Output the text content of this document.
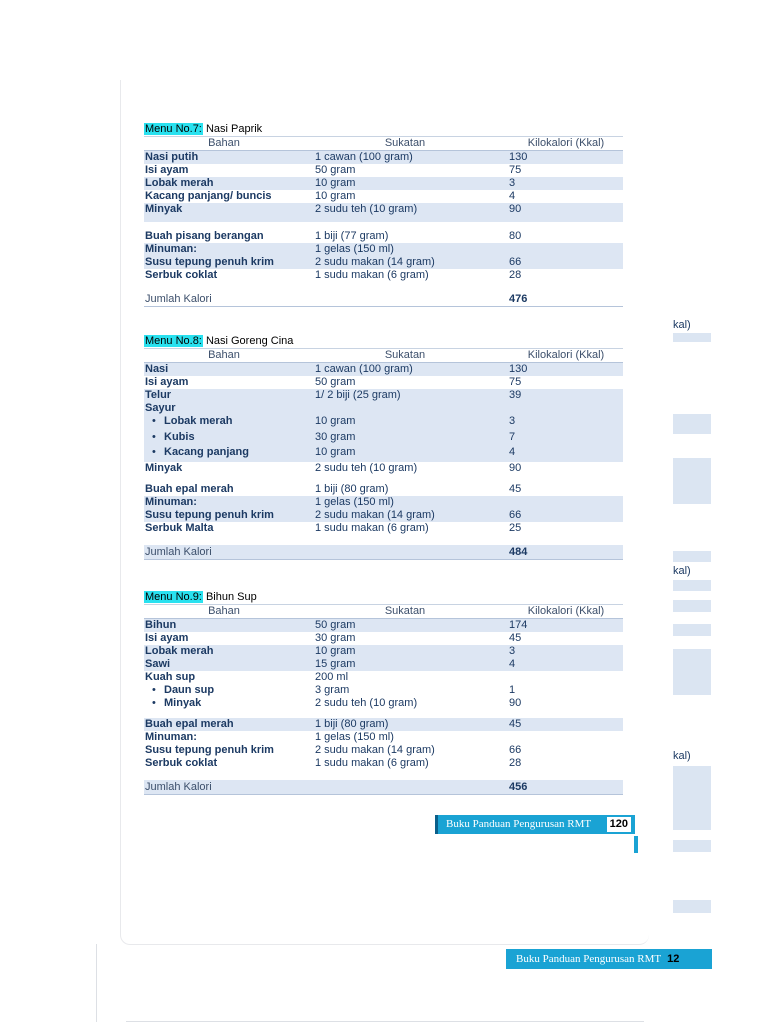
kal)
kal)
kal)
Buku Panduan Pengurusan RMT 12
Menu No.7: Nasi Paprik
Bahan	Sukatan	Kilokalori (Kkal)
Nasi putih	1 cawan (100 gram)	130
Isi ayam	50 gram	75
Lobak merah	10 gram	3
Kacang panjang/ buncis	10 gram	4
Minyak	2 sudu teh (10 gram)	90
Buah pisang berangan	1 biji (77 gram)	80
Minuman:	1 gelas (150 ml)
Susu tepung penuh krim	2 sudu makan (14 gram)	66
Serbuk coklat	1 sudu makan (6 gram)	28
Jumlah Kalori	476
Menu No.8: Nasi Goreng Cina
Bahan	Sukatan	Kilokalori (Kkal)
Nasi	1 cawan (100 gram)	130
Isi ayam	50 gram	75
Telur	1/ 2 biji (25 gram)	39
Sayur
• Lobak merah	10 gram	3
• Kubis	30 gram	7
• Kacang panjang	10 gram	4
Minyak	2 sudu teh (10 gram)	90
Buah epal merah	1 biji (80 gram)	45
Minuman:	1 gelas (150 ml)
Susu tepung penuh krim	2 sudu makan (14 gram)	66
Serbuk Malta	1 sudu makan (6 gram)	25
Jumlah Kalori	484
Menu No.9: Bihun Sup
Bahan	Sukatan	Kilokalori (Kkal)
Bihun	50 gram	174
Isi ayam	30 gram	45
Lobak merah	10 gram	3
Sawi	15 gram	4
Kuah sup	200 ml
• Daun sup	3 gram	1
• Minyak	2 sudu teh (10 gram)	90
Buah epal merah	1 biji (80 gram)	45
Minuman:	1 gelas (150 ml)
Susu tepung penuh krim	2 sudu makan (14 gram)	66
Serbuk coklat	1 sudu makan (6 gram)	28
Jumlah Kalori	456
Buku Panduan Pengurusan RMT 120
